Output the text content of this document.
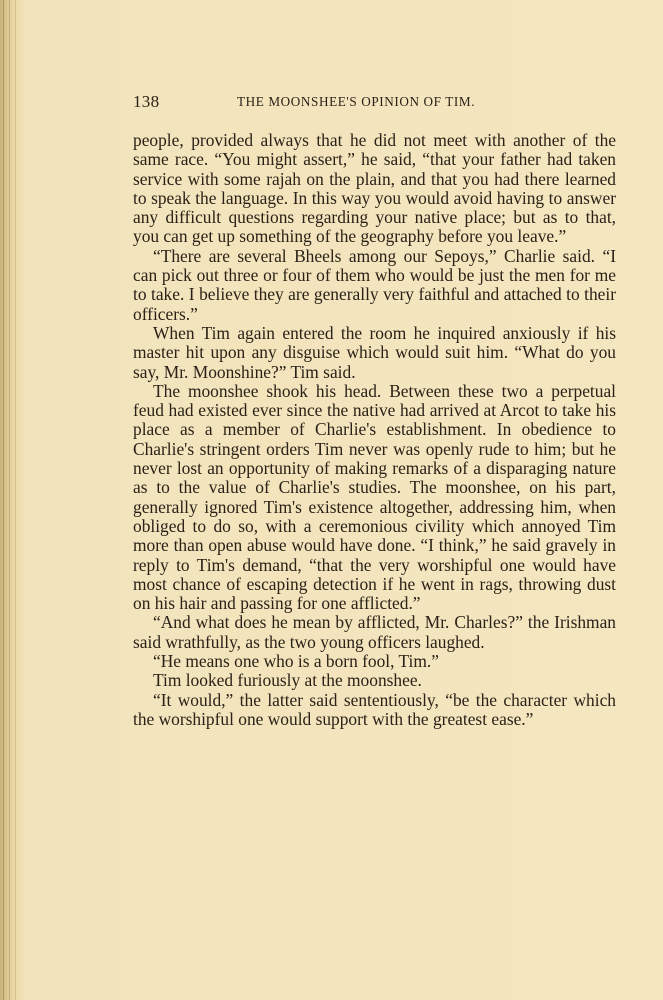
138	THE MOONSHEE'S OPINION OF TIM.

people, provided always that he did not meet with another of the same race. “You might assert,” he said, “that your father had taken service with some rajah on the plain, and that you had there learned to speak the language. In this way you would avoid having to answer any difficult questions regarding your native place; but as to that, you can get up something of the geography before you leave.”

“There are several Bheels among our Sepoys,” Charlie said. “I can pick out three or four of them who would be just the men for me to take. I believe they are generally very faithful and attached to their officers.”

When Tim again entered the room he inquired anxiously if his master hit upon any disguise which would suit him. “What do you say, Mr. Moonshine?” Tim said.

The moonshee shook his head. Between these two a perpetual feud had existed ever since the native had arrived at Arcot to take his place as a member of Charlie's establishment. In obedience to Charlie's stringent orders Tim never was openly rude to him; but he never lost an opportunity of making remarks of a disparaging nature as to the value of Charlie's studies. The moonshee, on his part, generally ignored Tim's existence altogether, addressing him, when obliged to do so, with a ceremonious civility which annoyed Tim more than open abuse would have done. “I think,” he said gravely in reply to Tim's demand, “that the very worshipful one would have most chance of escaping detection if he went in rags, throwing dust on his hair and passing for one afflicted.”

“And what does he mean by afflicted, Mr. Charles?” the Irishman said wrathfully, as the two young officers laughed.

“He means one who is a born fool, Tim.”

Tim looked furiously at the moonshee.

“It would,” the latter said sententiously, “be the character which the worshipful one would support with the greatest ease.”
